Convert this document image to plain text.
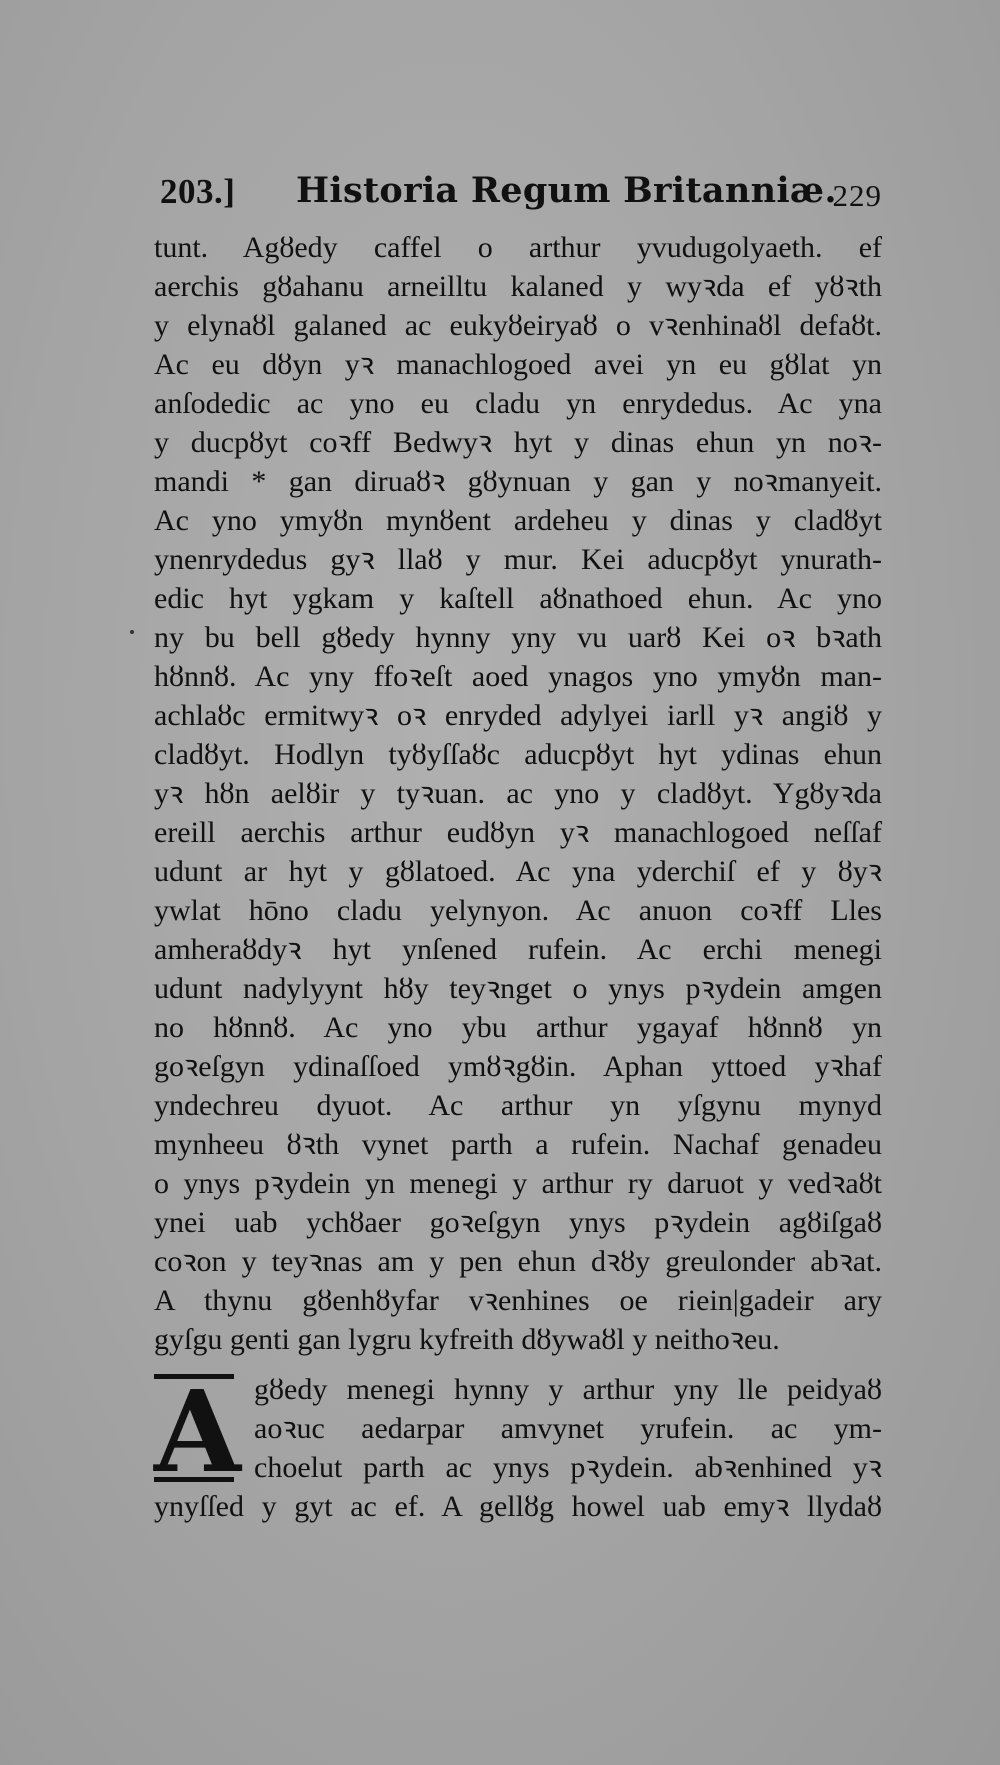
203.] Historia Regum Britanniæ.
229
tunt. Agȣedy caffel o arthur yvudugolyaeth. ef
aerchis gȣahanu arneilltu kalaned y wyꝛda ef yȣꝛth
y elynaȣl galaned ac eukyȣeiryaȣ o vꝛenhinaȣl defaȣt.
Ac eu dȣyn yꝛ manachlogoed avei yn eu gȣlat yn
anſodedic ac yno eu cladu yn enrydedus. Ac yna
y ducpȣyt coꝛff Bedwyꝛ hyt y dinas ehun yn noꝛ-
mandi * gan diruaȣꝛ gȣynuan y gan y noꝛmanyeit.
Ac yno ymyȣn mynȣent ardeheu y dinas y cladȣyt
ynenrydedus gyꝛ llaȣ y mur. Kei aducpȣyt ynurath-
edic hyt ygkam y kaſtell aȣnathoed ehun. Ac yno
ny bu bell gȣedy hynny yny vu uarȣ Kei oꝛ bꝛath
hȣnnȣ. Ac yny ffoꝛeſt aoed ynagos yno ymyȣn man-
achlaȣc ermitwyꝛ oꝛ enryded adylyei iarll yꝛ angiȣ y
cladȣyt. Hodlyn tyȣyſſaȣc aducpȣyt hyt ydinas ehun
yꝛ hȣn aelȣir y tyꝛuan. ac yno y cladȣyt. Ygȣyꝛda
ereill aerchis arthur eudȣyn yꝛ manachlogoed neſſaf
udunt ar hyt y gȣlatoed. Ac yna yderchiſ ef y ȣyꝛ
ywlat hōno cladu yelynyon. Ac anuon coꝛff Lles
amheraȣdyꝛ hyt ynſened rufein. Ac erchi menegi
udunt nadylyynt hȣy teyꝛnget o ynys pꝛydein amgen
no hȣnnȣ. Ac yno ybu arthur ygayaf hȣnnȣ yn
goꝛeſgyn ydinaſſoed ymȣꝛgȣin. Aphan yttoed yꝛhaf
yndechreu dyuot. Ac arthur yn yſgynu mynyd
mynheeu ȣꝛth vynet parth a rufein. Nachaf genadeu
o ynys pꝛydein yn menegi y arthur ry daruot y vedꝛaȣt
ynei uab ychȣaer goꝛeſgyn ynys pꝛydein agȣiſgaȣ
coꝛon y teyꝛnas am y pen ehun dꝛȣy greulonder abꝛat.
A thynu gȣenhȣyfar vꝛenhines oe riein|gadeir ary
gyſgu genti gan lygru kyfreith dȣywaȣl y neithoꝛeu.
A gȣedy menegi hynny y arthur yny lle peidyaȣ
aoꝛuc aedarpar amvynet yrufein. ac ym-
choelut parth ac ynys pꝛydein. abꝛenhined yꝛ
ynyſſed y gyt ac ef. A gellȣg howel uab emyꝛ llydaȣ
